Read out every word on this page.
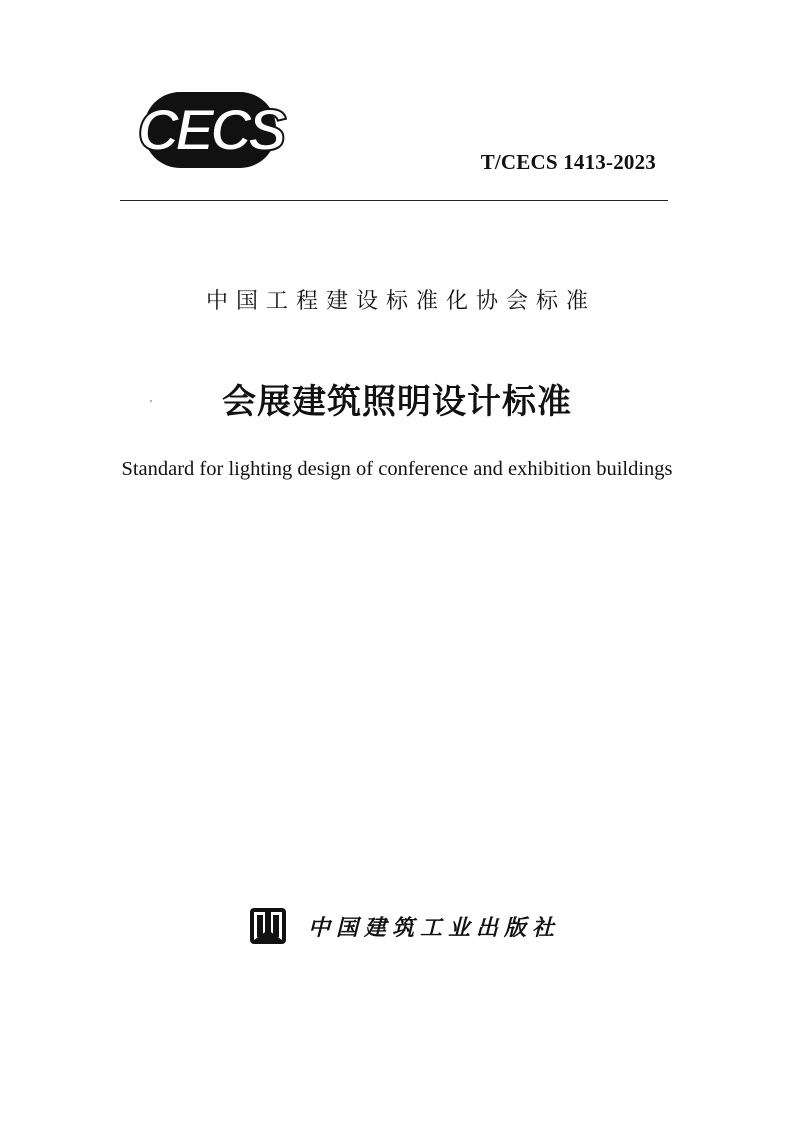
CECS	T/CECS 1413-2023
中国工程建设标准化协会标准
会展建筑照明设计标准
Standard for lighting design of conference and exhibition buildings
中国建筑工业出版社
